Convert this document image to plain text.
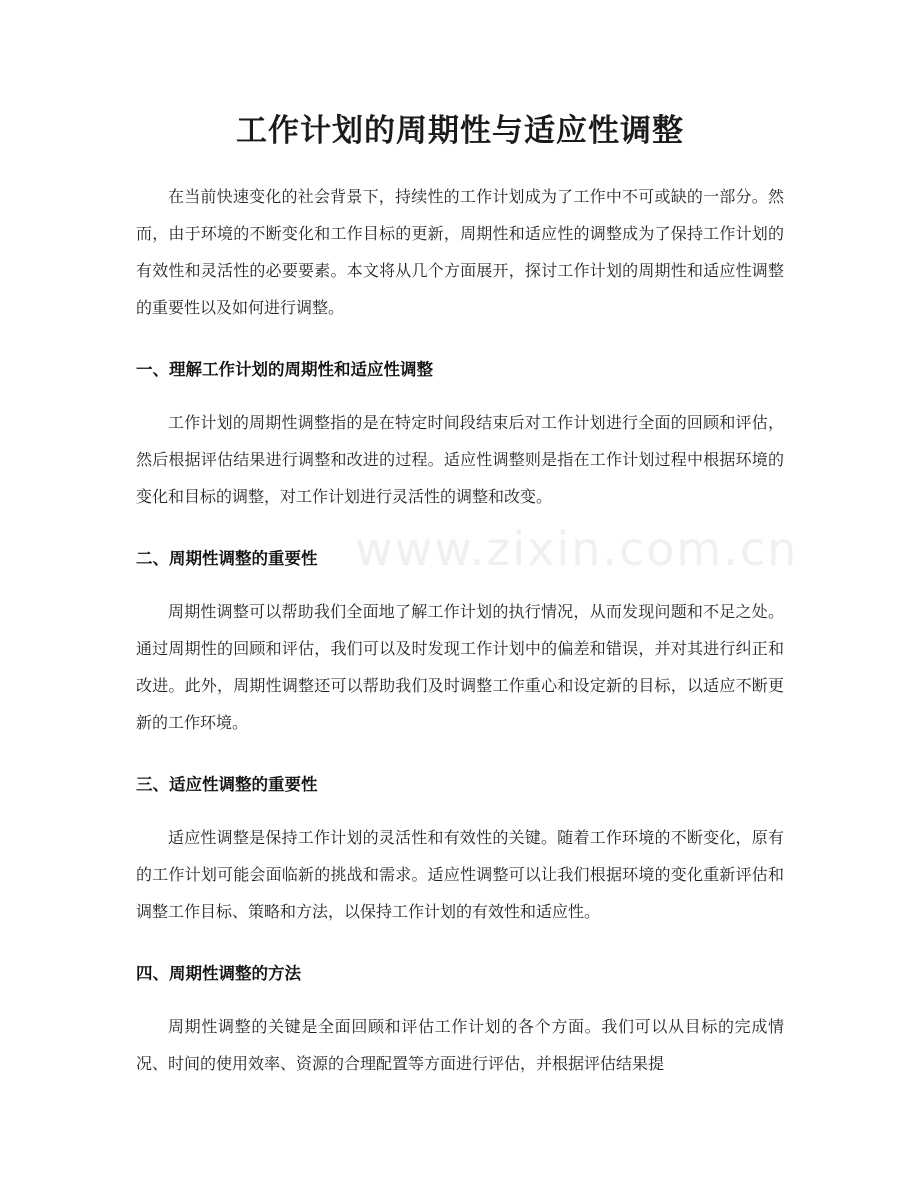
工作计划的周期性与适应性调整

在当前快速变化的社会背景下，持续性的工作计划成为了工作中不可或缺的一部分。然而，由于环境的不断变化和工作目标的更新，周期性和适应性的调整成为了保持工作计划的有效性和灵活性的必要要素。本文将从几个方面展开，探讨工作计划的周期性和适应性调整的重要性以及如何进行调整。

一、理解工作计划的周期性和适应性调整

工作计划的周期性调整指的是在特定时间段结束后对工作计划进行全面的回顾和评估，然后根据评估结果进行调整和改进的过程。适应性调整则是指在工作计划过程中根据环境的变化和目标的调整，对工作计划进行灵活性的调整和改变。

二、周期性调整的重要性

周期性调整可以帮助我们全面地了解工作计划的执行情况，从而发现问题和不足之处。通过周期性的回顾和评估，我们可以及时发现工作计划中的偏差和错误，并对其进行纠正和改进。此外，周期性调整还可以帮助我们及时调整工作重心和设定新的目标，以适应不断更新的工作环境。

三、适应性调整的重要性

适应性调整是保持工作计划的灵活性和有效性的关键。随着工作环境的不断变化，原有的工作计划可能会面临新的挑战和需求。适应性调整可以让我们根据环境的变化重新评估和调整工作目标、策略和方法，以保持工作计划的有效性和适应性。

四、周期性调整的方法

周期性调整的关键是全面回顾和评估工作计划的各个方面。我们可以从目标的完成情况、时间的使用效率、资源的合理配置等方面进行评估，并根据评估结果提

www.zixin.com.cn
